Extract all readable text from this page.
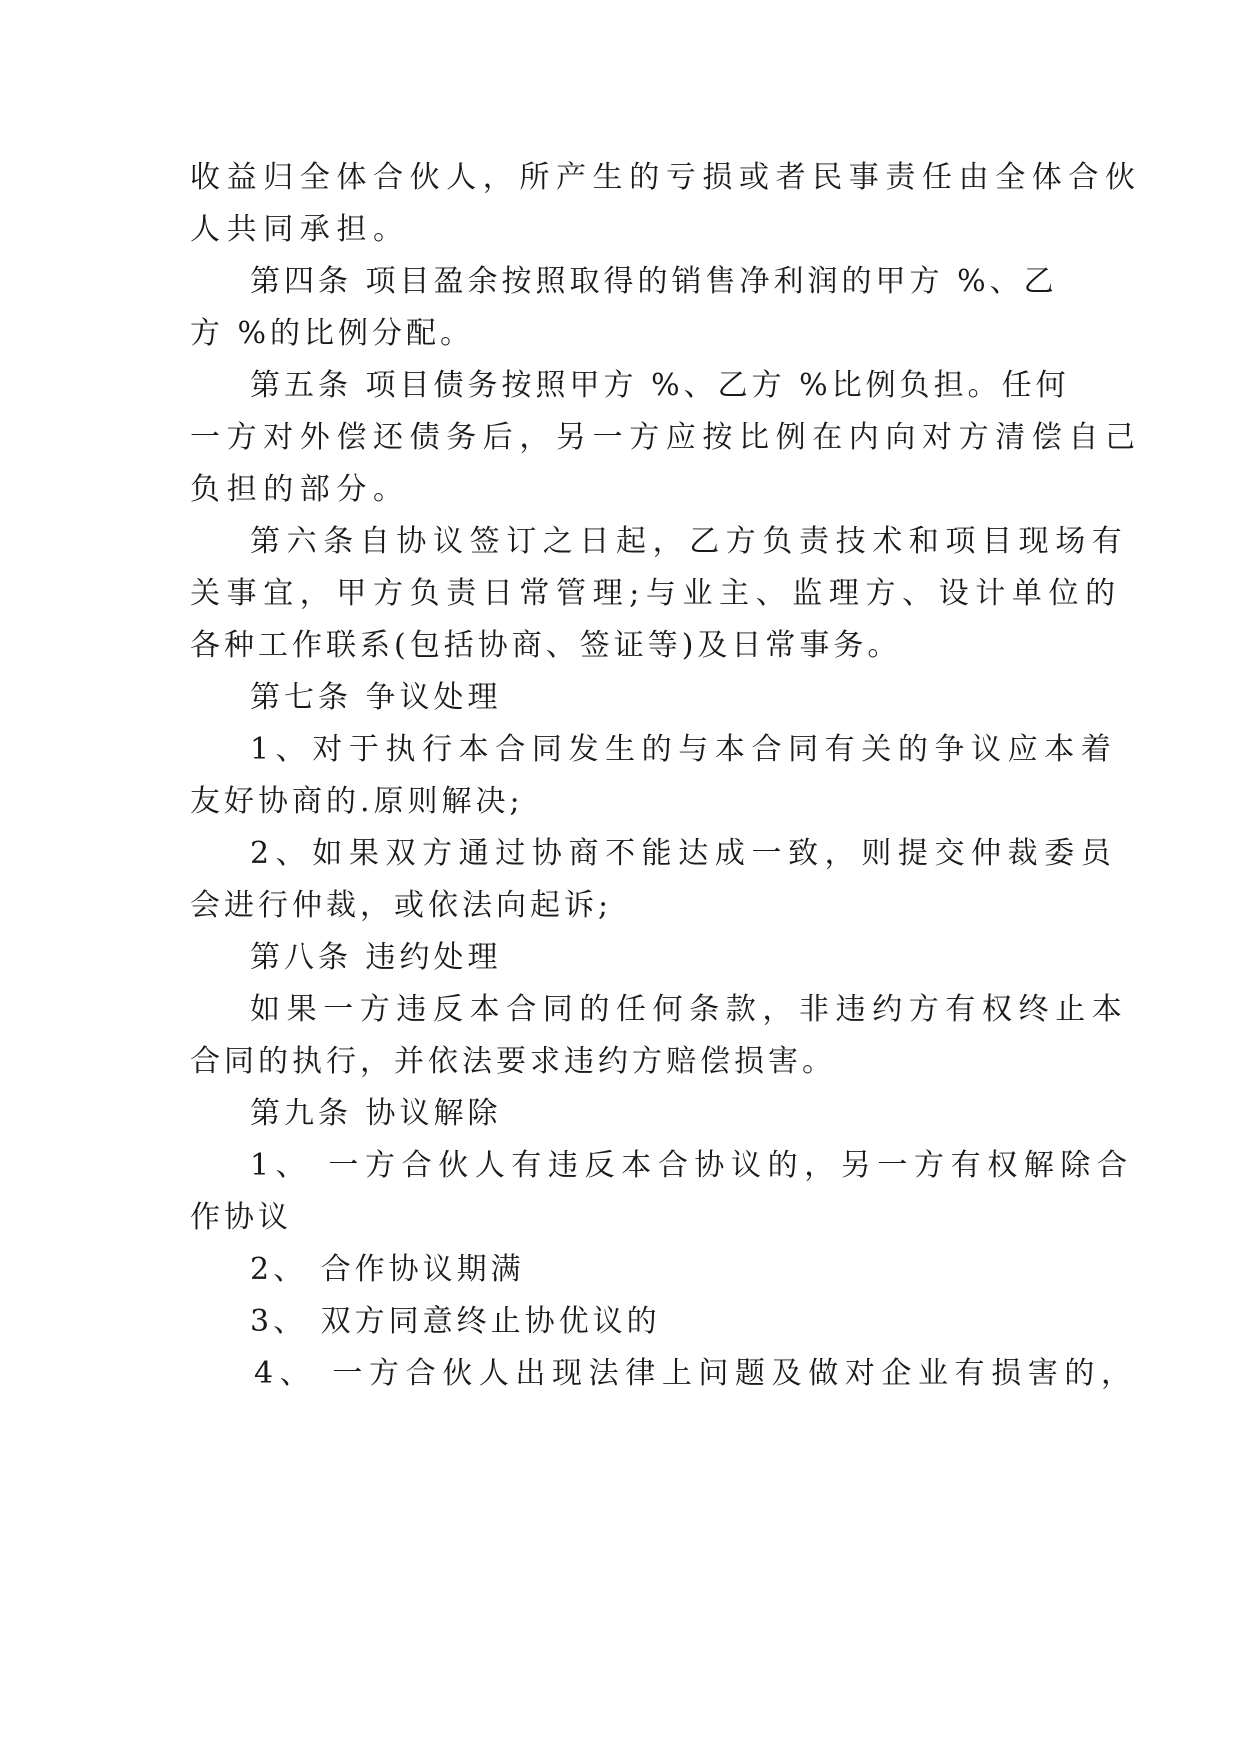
收益归全体合伙人，所产生的亏损或者民事责任由全体合伙
人共同承担。
第四条 项目盈余按照取得的销售净利润的甲方 %、乙
方 %的比例分配。
第五条 项目债务按照甲方 %、乙方 %比例负担。任何
一方对外偿还债务后，另一方应按比例在内向对方清偿自己
负担的部分。
第六条自协议签订之日起，乙方负责技术和项目现场有
关事宜，甲方负责日常管理;与业主、监理方、设计单位的
各种工作联系(包括协商、签证等)及日常事务。
第七条 争议处理
1、对于执行本合同发生的与本合同有关的争议应本着
友好协商的.原则解决;
2、如果双方通过协商不能达成一致，则提交仲裁委员
会进行仲裁，或依法向起诉;
第八条 违约处理
如果一方违反本合同的任何条款，非违约方有权终止本
合同的执行，并依法要求违约方赔偿损害。
第九条 协议解除
1、 一方合伙人有违反本合协议的，另一方有权解除合
作协议
2、 合作协议期满
3、 双方同意终止协优议的
4、 一方合伙人出现法律上问题及做对企业有损害的，
